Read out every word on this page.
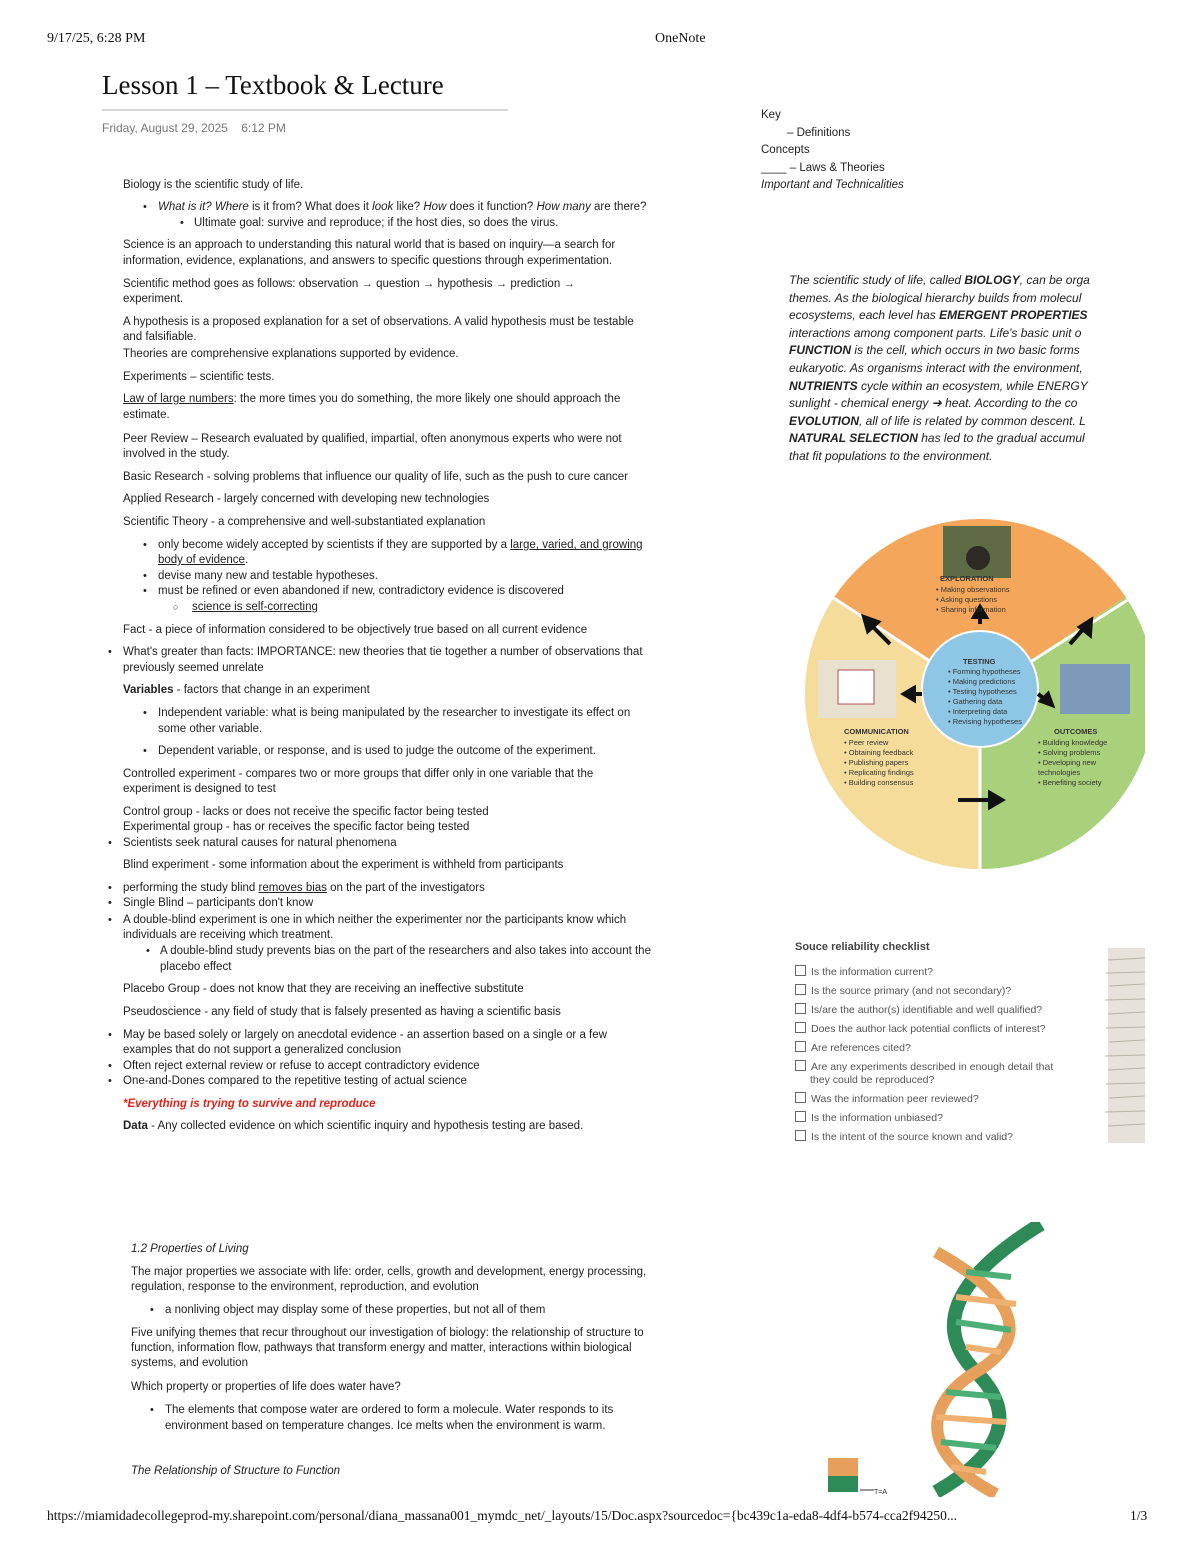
9/17/25, 6:28 PM	OneNote
Lesson 1 – Textbook & Lecture
Friday, August 29, 2025 6:12 PM
Key
– Definitions
Concepts
____ – Laws & Theories
Important and Technicalities
Biology is the scientific study of life.
• What is it? Where is it from? What does it look like? How does it function? How many are there?
• Ultimate goal: survive and reproduce; if the host dies, so does the virus.
Science is an approach to understanding this natural world that is based on inquiry—a search for
information, evidence, explanations, and answers to specific questions through experimentation.
Scientific method goes as follows: observation → question → hypothesis → prediction →
experiment.
A hypothesis is a proposed explanation for a set of observations. A valid hypothesis must be testable
and falsifiable.
Theories are comprehensive explanations supported by evidence.
Experiments – scientific tests.
Law of large numbers: the more times you do something, the more likely one should approach the
estimate.
Peer Review – Research evaluated by qualified, impartial, often anonymous experts who were not
involved in the study.
Basic Research - solving problems that influence our quality of life, such as the push to cure cancer
Applied Research - largely concerned with developing new technologies
Scientific Theory - a comprehensive and well-substantiated explanation
• only become widely accepted by scientists if they are supported by a large, varied, and growing
body of evidence.
• devise many new and testable hypotheses.
• must be refined or even abandoned if new, contradictory evidence is discovered
○ science is self-correcting
Fact - a piece of information considered to be objectively true based on all current evidence
• What's greater than facts: IMPORTANCE: new theories that tie together a number of observations that
previously seemed unrelate
Variables - factors that change in an experiment
• Independent variable: what is being manipulated by the researcher to investigate its effect on
some other variable.
• Dependent variable, or response, and is used to judge the outcome of the experiment.
Controlled experiment - compares two or more groups that differ only in one variable that the
experiment is designed to test
Control group - lacks or does not receive the specific factor being tested
Experimental group - has or receives the specific factor being tested
• Scientists seek natural causes for natural phenomena
Blind experiment - some information about the experiment is withheld from participants
• performing the study blind removes bias on the part of the investigators
• Single Blind – participants don't know
• A double-blind experiment is one in which neither the experimenter nor the participants know which
individuals are receiving which treatment.
• A double-blind study prevents bias on the part of the researchers and also takes into account the
placebo effect
Placebo Group - does not know that they are receiving an ineffective substitute
Pseudoscience - any field of study that is falsely presented as having a scientific basis
• May be based solely or largely on anecdotal evidence - an assertion based on a single or a few
examples that do not support a generalized conclusion
• Often reject external review or refuse to accept contradictory evidence
• One-and-Dones compared to the repetitive testing of actual science
*Everything is trying to survive and reproduce
Data - Any collected evidence on which scientific inquiry and hypothesis testing are based.
1.2 Properties of Living
The major properties we associate with life: order, cells, growth and development, energy processing,
regulation, response to the environment, reproduction, and evolution
• a nonliving object may display some of these properties, but not all of them
Five unifying themes that recur throughout our investigation of biology: the relationship of structure to
function, information flow, pathways that transform energy and matter, interactions within biological
systems, and evolution
Which property or properties of life does water have?
• The elements that compose water are ordered to form a molecule. Water responds to its
environment based on temperature changes. Ice melts when the environment is warm.
The Relationship of Structure to Function
The scientific study of life, called BIOLOGY, can be orga
themes. As the biological hierarchy builds from molecul
ecosystems, each level has EMERGENT PROPERTIES
interactions among component parts. Life's basic unit o
FUNCTION is the cell, which occurs in two basic forms
eukaryotic. As organisms interact with the environment,
NUTRIENTS cycle within an ecosystem, while ENERGY
sunlight - chemical energy ➔ heat. According to the co
EVOLUTION, all of life is related by common descent. L
NATURAL SELECTION has led to the gradual accumul
that fit populations to the environment.
EXPLORATION
• Making observations
• Asking questions
• Sharing information
TESTING
• Forming hypotheses
• Making predictions
• Testing hypotheses
• Gathering data
• Interpreting data
• Revising hypotheses
COMMUNICATION
• Peer review
• Obtaining feedback
• Publishing papers
• Replicating findings
• Building consensus
OUTCOMES
• Building knowledge
• Solving problems
• Developing new
technologies
• Benefiting society
Souce reliability checklist
Is the information current?
Is the source primary (and not secondary)?
Is/are the author(s) identifiable and well qualified?
Does the author lack potential conflicts of interest?
Are references cited?
Are any experiments described in enough detail that
they could be reproduced?
Was the information peer reviewed?
Is the information unbiased?
Is the intent of the source known and valid?
T=A
https://miamidadecollegeprod-my.sharepoint.com/personal/diana_massana001_mymdc_net/_layouts/15/Doc.aspx?sourcedoc={bc439c1a-eda8-4df4-b574-cca2f94250...	1/3
